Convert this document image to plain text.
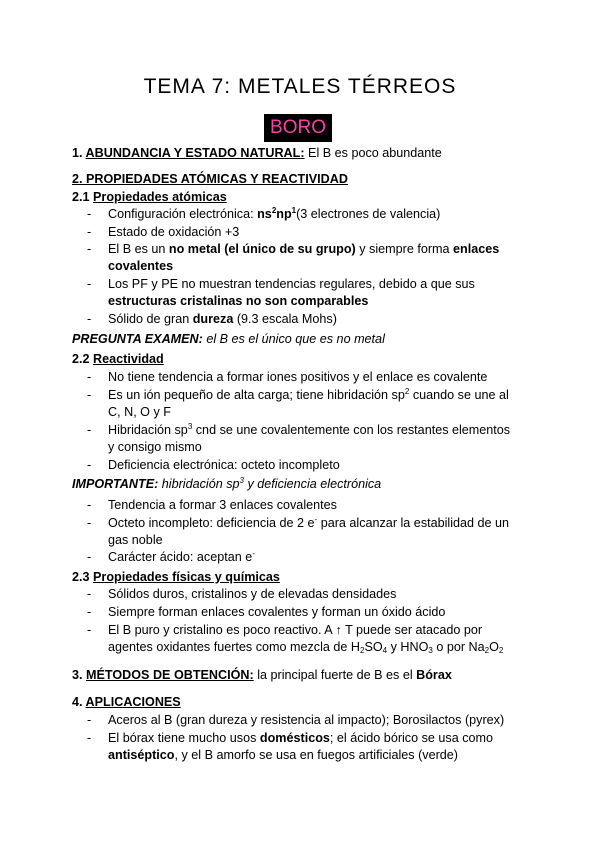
TEMA 7: METALES TÉRREOS
BORO
1. ABUNDANCIA Y ESTADO NATURAL: El B es poco abundante
2. PROPIEDADES ATÓMICAS Y REACTIVIDAD
2.1 Propiedades atómicas
-	Configuración electrónica: $ns^2np^1(3$ electrones de valencia)
-	Estado de oxidación +3
-	El B es un no metal (el único de su grupo) y siempre forma enlaces
covalentes
-	Los PF y PE no muestran tendencias regulares, debido a que sus
estructuras cristalinas no son comparables
-	Sólido de gran dureza (9.3 escala Mohs)
PREGUNTA EXAMEN: el B es el único que es no metal
2.2 Reactividad
-	No tiene tendencia a formar iones positivos y el enlace es covalente
-	Es un ión pequeño de alta carga; tiene hibridación $sp^2$ cuando se une al
C, N, O y F
-	Hibridación $sp^3$ cnd se une covalentemente con los restantes elementos
y consigo mismo
-	Deficiencia electrónica: octeto incompleto
IMPORTANTE: hibridación $sp^3$ y deficiencia electrónica
-	Tendencia a formar 3 enlaces covalentes
-	Octeto incompleto: deficiencia de 2 e- para alcanzar la estabilidad de un
gas noble
-	Carácter ácido: aceptan e-
2.3 Propiedades físicas y químicas
-	Sólidos duros, cristalinos y de elevadas densidades
-	Siempre forman enlaces covalentes y forman un óxido ácido
-	El B puro y cristalino es poco reactivo. A ↑ T puede ser atacado por
agentes oxidantes fuertes como mezcla de $H_2SO_4$ y $HNO_3$ o por $Na_2O_2$
3. MÉTODOS DE OBTENCIÓN: la principal fuerte de B es el Bórax
4. APLICACIONES
-	Aceros al B (gran dureza y resistencia al impacto); Borosilactos (pyrex)
-	El bórax tiene mucho usos domésticos; el ácido bórico se usa como
antiséptico, y el B amorfo se usa en fuegos artificiales (verde)
